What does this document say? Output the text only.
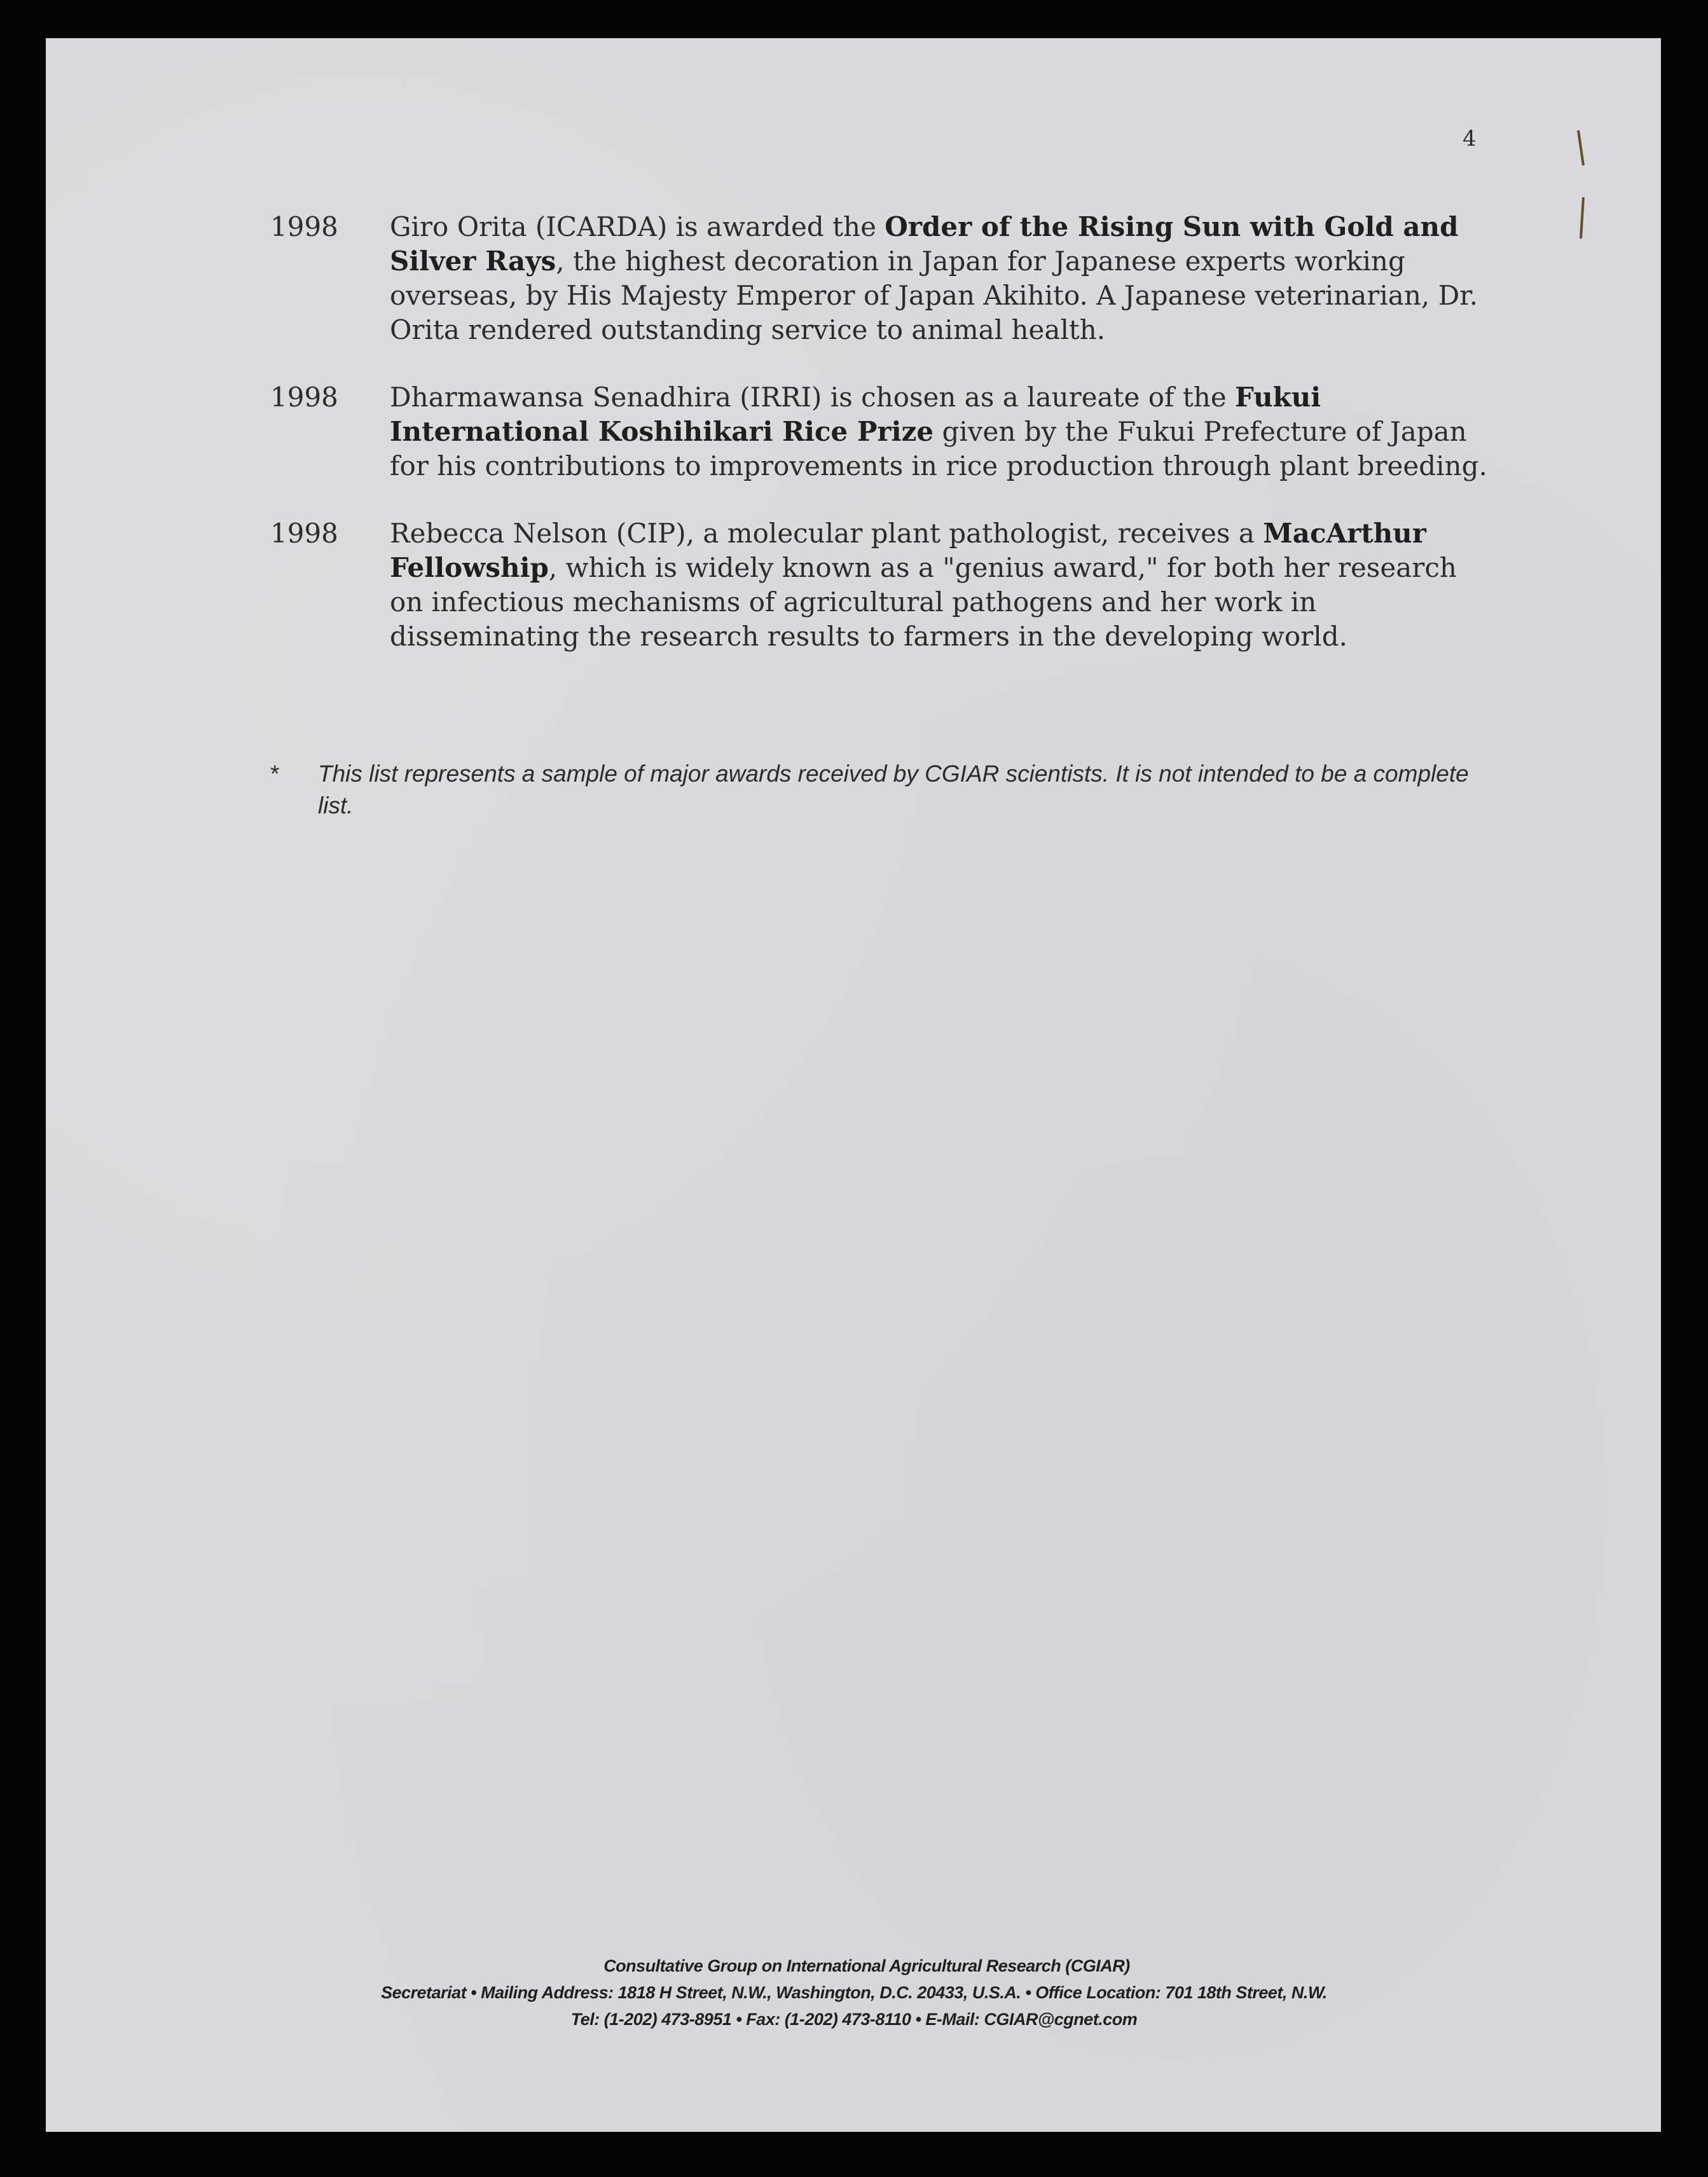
4
1998	Giro Orita (ICARDA) is awarded the Order of the Rising Sun with Gold and Silver Rays, the highest decoration in Japan for Japanese experts working overseas, by His Majesty Emperor of Japan Akihito. A Japanese veterinarian, Dr. Orita rendered outstanding service to animal health.
1998	Dharmawansa Senadhira (IRRI) is chosen as a laureate of the Fukui International Koshihikari Rice Prize given by the Fukui Prefecture of Japan for his contributions to improvements in rice production through plant breeding.
1998	Rebecca Nelson (CIP), a molecular plant pathologist, receives a MacArthur Fellowship, which is widely known as a "genius award," for both her research on infectious mechanisms of agricultural pathogens and her work in disseminating the research results to farmers in the developing world.
*	This list represents a sample of major awards received by CGIAR scientists. It is not intended to be a complete list.
Consultative Group on International Agricultural Research (CGIAR)
Secretariat • Mailing Address: 1818 H Street, N.W., Washington, D.C. 20433, U.S.A. • Office Location: 701 18th Street, N.W.
Tel: (1-202) 473-8951 • Fax: (1-202) 473-8110 • E-Mail: CGIAR@cgnet.com
